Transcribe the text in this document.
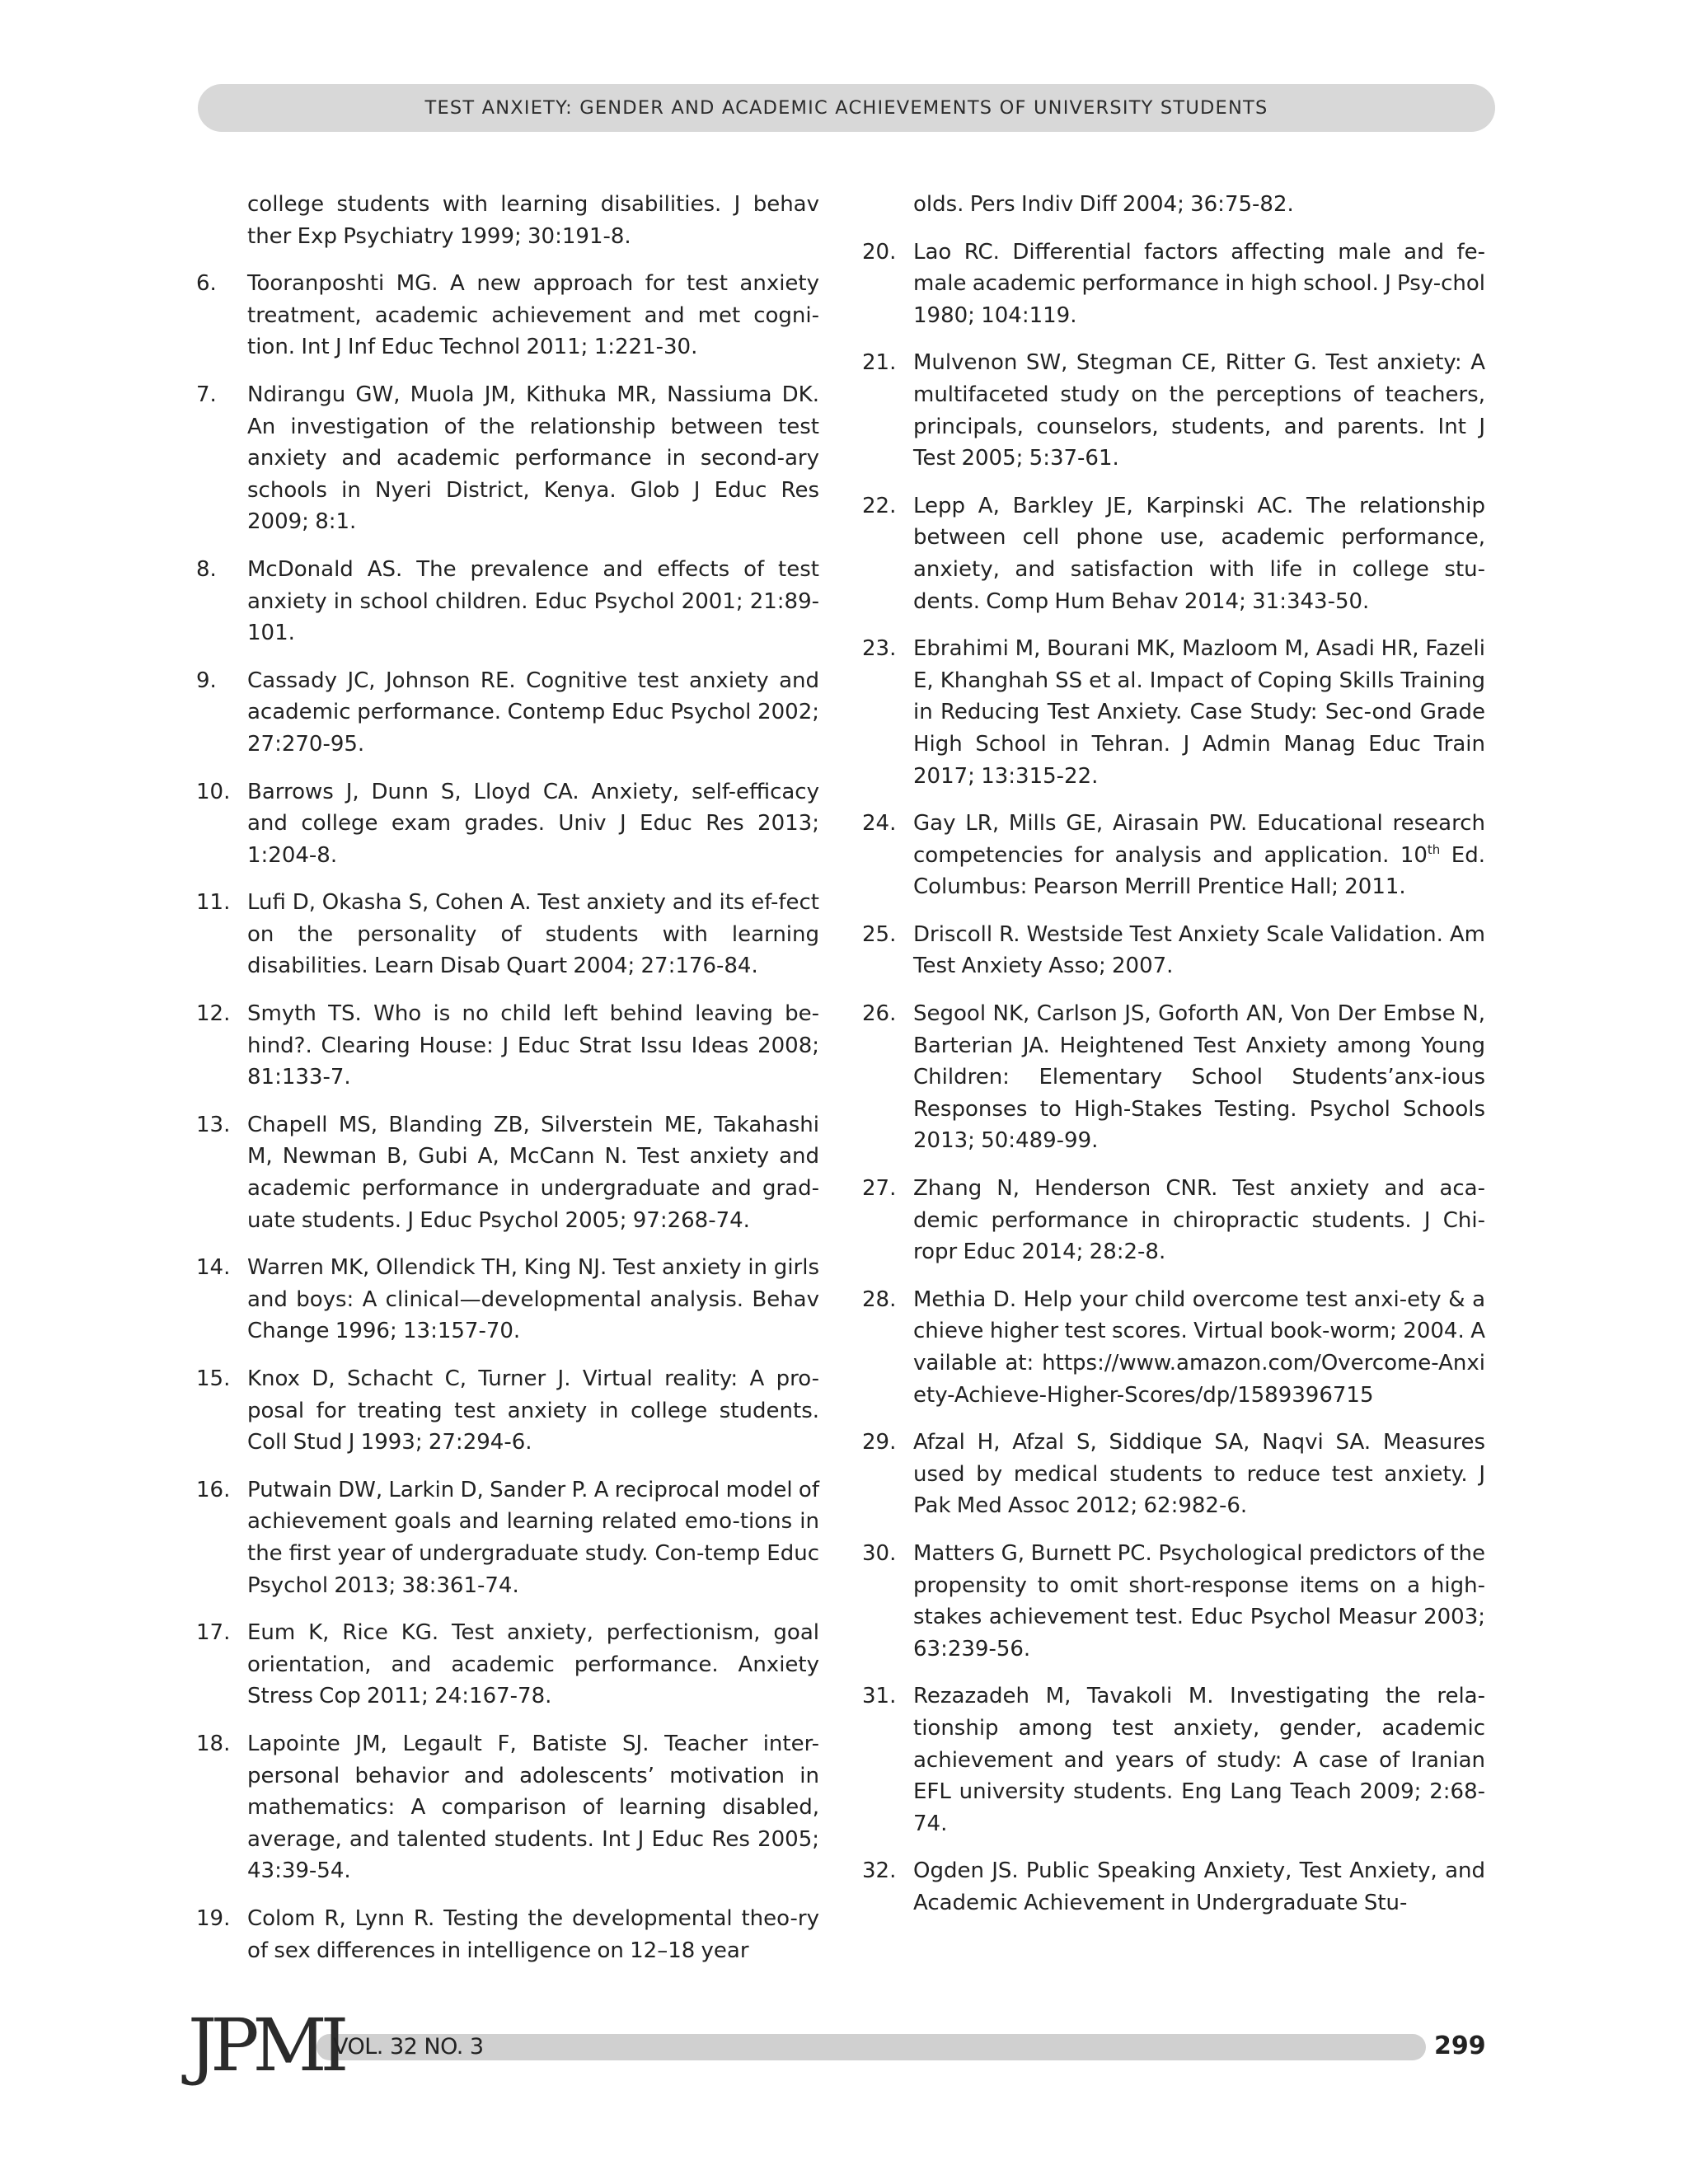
TEST ANXIETY: GENDER AND ACADEMIC ACHIEVEMENTS OF UNIVERSITY STUDENTS
college students with learning disabilities. J behav ther Exp Psychiatry 1999; 30:191-8.
6.	Tooranposhti MG. A new approach for test anxiety treatment, academic achievement and met cogni-tion. Int J Inf Educ Technol 2011; 1:221-30.
7.	Ndirangu GW, Muola JM, Kithuka MR, Nassiuma DK. An investigation of the relationship between test anxiety and academic performance in second-ary schools in Nyeri District, Kenya. Glob J Educ Res 2009; 8:1.
8.	McDonald AS. The prevalence and effects of test anxiety in school children. Educ Psychol 2001; 21:89-101.
9.	Cassady JC, Johnson RE. Cognitive test anxiety and academic performance. Contemp Educ Psychol 2002; 27:270-95.
10. Barrows J, Dunn S, Lloyd CA. Anxiety, self-efficacy and college exam grades. Univ J Educ Res 2013; 1:204-8.
11. Lufi D, Okasha S, Cohen A. Test anxiety and its ef-fect on the personality of students with learning disabilities. Learn Disab Quart 2004; 27:176-84.
12. Smyth TS. Who is no child left behind leaving be-hind?. Clearing House: J Educ Strat Issu Ideas 2008; 81:133-7.
13. Chapell MS, Blanding ZB, Silverstein ME, Takahashi M, Newman B, Gubi A, McCann N. Test anxiety and academic performance in undergraduate and grad-uate students. J Educ Psychol 2005; 97:268-74.
14. Warren MK, Ollendick TH, King NJ. Test anxiety in girls and boys: A clinical—developmental analysis. Behav Change 1996; 13:157-70.
15. Knox D, Schacht C, Turner J. Virtual reality: A pro-posal for treating test anxiety in college students. Coll Stud J 1993; 27:294-6.
16. Putwain DW, Larkin D, Sander P. A reciprocal model of achievement goals and learning related emo-tions in the first year of undergraduate study. Con-temp Educ Psychol 2013; 38:361-74.
17. Eum K, Rice KG. Test anxiety, perfectionism, goal orientation, and academic performance. Anxiety Stress Cop 2011; 24:167-78.
18. Lapointe JM, Legault F, Batiste SJ. Teacher inter-personal behavior and adolescents’ motivation in mathematics: A comparison of learning disabled, average, and talented students. Int J Educ Res 2005; 43:39-54.
19. Colom R, Lynn R. Testing the developmental theo-ry of sex differences in intelligence on 12–18 year
olds. Pers Indiv Diff 2004; 36:75-82.
20. Lao RC. Differential factors affecting male and fe-male academic performance in high school. J Psy-chol 1980; 104:119.
21. Mulvenon SW, Stegman CE, Ritter G. Test anxiety: A multifaceted study on the perceptions of teachers, principals, counselors, students, and parents. Int J Test 2005; 5:37-61.
22. Lepp A, Barkley JE, Karpinski AC. The relationship between cell phone use, academic performance, anxiety, and satisfaction with life in college stu-dents. Comp Hum Behav 2014; 31:343-50.
23. Ebrahimi M, Bourani MK, Mazloom M, Asadi HR, Fazeli E, Khanghah SS et al. Impact of Coping Skills Training in Reducing Test Anxiety. Case Study: Sec-ond Grade High School in Tehran. J Admin Manag Educ Train 2017; 13:315-22.
24. Gay LR, Mills GE, Airasain PW. Educational research competencies for analysis and application. 10th Ed. Columbus: Pearson Merrill Prentice Hall; 2011.
25. Driscoll R. Westside Test Anxiety Scale Validation. Am Test Anxiety Asso; 2007.
26. Segool NK, Carlson JS, Goforth AN, Von Der Embse N, Barterian JA. Heightened Test Anxiety among Young Children: Elementary School Students’anx-ious Responses to High-Stakes Testing. Psychol Schools 2013; 50:489-99.
27. Zhang N, Henderson CNR. Test anxiety and aca-demic performance in chiropractic students. J Chi-ropr Educ 2014; 28:2-8.
28. Methia D. Help your child overcome test anxi-ety & achieve higher test scores. Virtual book-worm; 2004. Available at: https://www.amazon.com/Overcome-Anxiety-Achieve-Higher-Scores/dp/1589396715
29. Afzal H, Afzal S, Siddique SA, Naqvi SA. Measures used by medical students to reduce test anxiety. J Pak Med Assoc 2012; 62:982-6.
30. Matters G, Burnett PC. Psychological predictors of the propensity to omit short-response items on a high-stakes achievement test. Educ Psychol Measur 2003; 63:239-56.
31. Rezazadeh M, Tavakoli M. Investigating the rela-tionship among test anxiety, gender, academic achievement and years of study: A case of Iranian EFL university students. Eng Lang Teach 2009; 2:68-74.
32. Ogden JS. Public Speaking Anxiety, Test Anxiety, and Academic Achievement in Undergraduate Stu-
JPMI
VOL. 32 NO. 3	299
